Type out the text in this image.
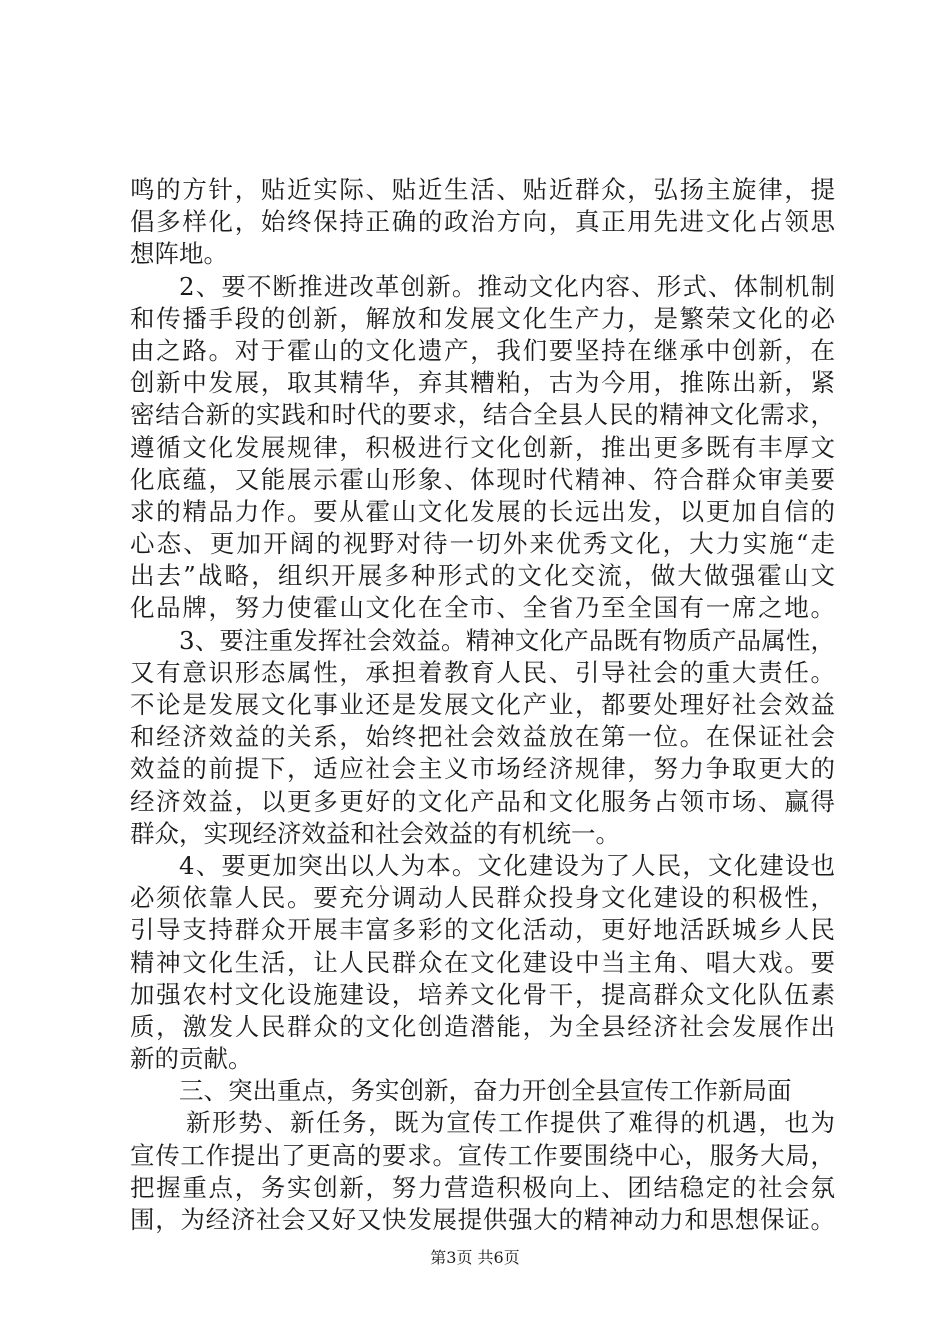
鸣的方针，贴近实际、贴近生活、贴近群众，弘扬主旋律，提
倡多样化，始终保持正确的政治方向，真正用先进文化占领思
想阵地。
2、要不断推进改革创新。推动文化内容、形式、体制机制
和传播手段的创新，解放和发展文化生产力，是繁荣文化的必
由之路。对于霍山的文化遗产，我们要坚持在继承中创新，在
创新中发展，取其精华，弃其糟粕，古为今用，推陈出新，紧
密结合新的实践和时代的要求，结合全县人民的精神文化需求，
遵循文化发展规律，积极进行文化创新，推出更多既有丰厚文
化底蕴，又能展示霍山形象、体现时代精神、符合群众审美要
求的精品力作。要从霍山文化发展的长远出发，以更加自信的
心态、更加开阔的视野对待一切外来优秀文化，大力实施“走
出去”战略，组织开展多种形式的文化交流，做大做强霍山文
化品牌，努力使霍山文化在全市、全省乃至全国有一席之地。
3、要注重发挥社会效益。精神文化产品既有物质产品属性，
又有意识形态属性，承担着教育人民、引导社会的重大责任。
不论是发展文化事业还是发展文化产业，都要处理好社会效益
和经济效益的关系，始终把社会效益放在第一位。在保证社会
效益的前提下，适应社会主义市场经济规律，努力争取更大的
经济效益，以更多更好的文化产品和文化服务占领市场、赢得
群众，实现经济效益和社会效益的有机统一。
4、要更加突出以人为本。文化建设为了人民，文化建设也
必须依靠人民。要充分调动人民群众投身文化建设的积极性，
引导支持群众开展丰富多彩的文化活动，更好地活跃城乡人民
精神文化生活，让人民群众在文化建设中当主角、唱大戏。要
加强农村文化设施建设，培养文化骨干，提高群众文化队伍素
质，激发人民群众的文化创造潜能，为全县经济社会发展作出
新的贡献。
三、突出重点，务实创新，奋力开创全县宣传工作新局面
新形势、新任务，既为宣传工作提供了难得的机遇，也为
宣传工作提出了更高的要求。宣传工作要围绕中心，服务大局，
把握重点，务实创新，努力营造积极向上、团结稳定的社会氛
围，为经济社会又好又快发展提供强大的精神动力和思想保证。
第3页 共6页
